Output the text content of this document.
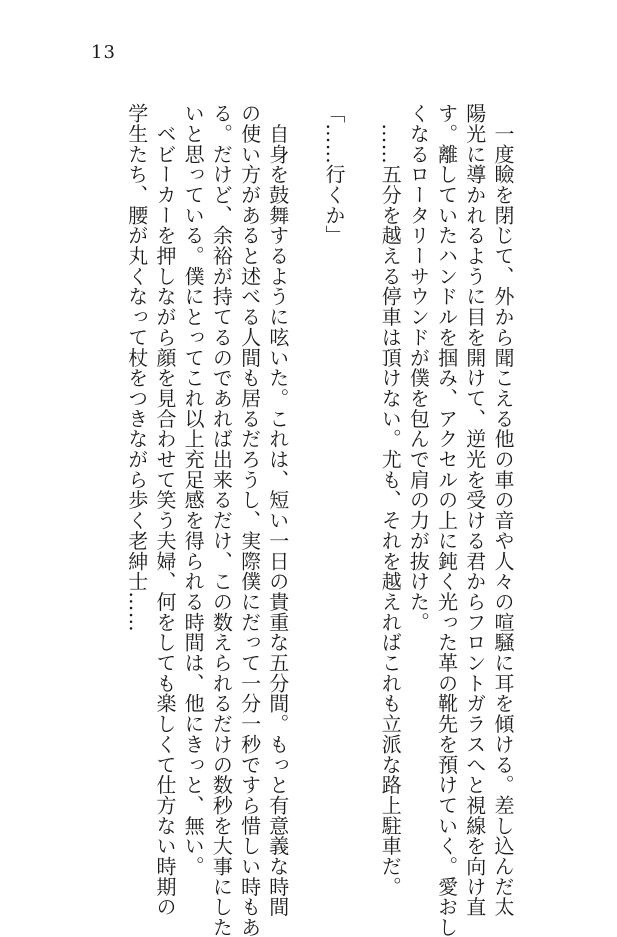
13
　一度瞼を閉じて、外から聞こえる他の車の音や人々の喧騒に耳を傾ける。差し込んだ太
陽光に導かれるように目を開けて、逆光を受ける君からフロントガラスへと視線を向け直
す。離していたハンドルを掴み、アクセルの上に鈍く光った革の靴先を預けていく。愛おし
くなるロータリーサウンドが僕を包んで肩の力が抜けた。
　……五分を越える停車は頂けない。尤も、それを越えればこれも立派な路上駐車だ。
「……行くか」
　自身を鼓舞するように呟いた。これは、短い一日の貴重な五分間。もっと有意義な時間
の使い方があると述べる人間も居るだろうし、実際僕にだって一分一秒ですら惜しい時もあ
る。だけど、余裕が持てるのであれば出来るだけ、この数えられるだけの数秒を大事にした
いと思っている。僕にとってこれ以上充足感を得られる時間は、他にきっと、無い。
　ベビーカーを押しながら顔を見合わせて笑う夫婦、何をしても楽しくて仕方ない時期の
学生たち、腰が丸くなって杖をつきながら歩く老紳士……
